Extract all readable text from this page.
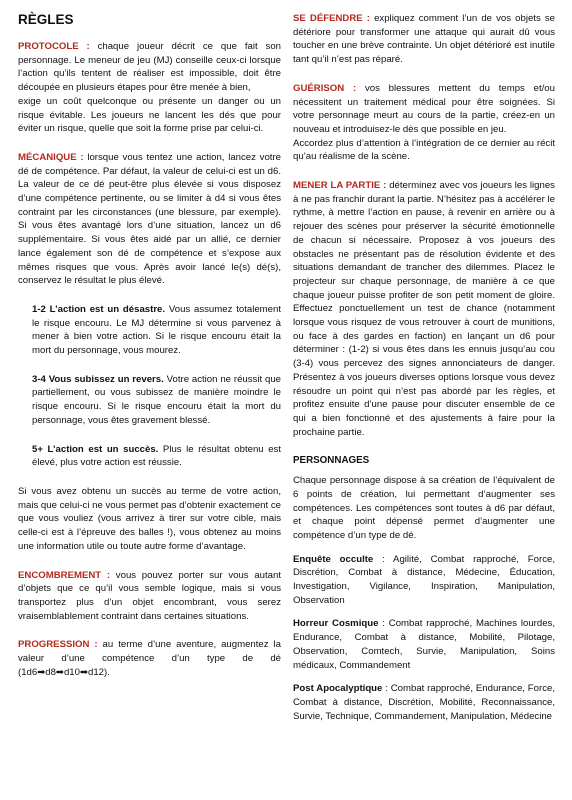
RÈGLES

PROTOCOLE : chaque joueur décrit ce que fait son personnage. Le meneur de jeu (MJ) conseille ceux-ci lorsque l’action qu’ils tentent de réaliser est impossible, doit être découpée en plusieurs étapes pour être menée à bien,

exige un coût quelconque ou présente un danger ou un risque évitable. Les joueurs ne lancent les dés que pour éviter un risque, quelle que soit la forme prise par celui-ci.

MÉCANIQUE : lorsque vous tentez une action, lancez votre dé de compétence. Par défaut, la valeur de celui-ci est un d6. La valeur de ce dé peut-être plus élevée si vous disposez d’une compétence pertinente, ou se limiter à d4 si vous êtes contraint par les circonstances (une blessure, par exemple). Si vous êtes avantagé lors d’une situation, lancez un d6 supplémentaire. Si vous êtes aidé par un allié, ce dernier lance également son dé de compétence et s’expose aux mêmes risques que vous. Après avoir lancé le(s) dé(s), conservez le résultat le plus élevé.

1-2 L’action est un désastre. Vous assumez totalement le risque encouru. Le MJ détermine si vous parvenez à mener à bien votre action. Si le risque encouru était la mort du personnage, vous mourez.

3-4 Vous subissez un revers. Votre action ne réussit que partiellement, ou vous subissez de manière moindre le risque encouru. Si le risque encouru était la mort du personnage, vous êtes gravement blessé.

5+ L’action est un succès. Plus le résultat obtenu est élevé, plus votre action est réussie.

Si vous avez obtenu un succès au terme de votre action, mais que celui-ci ne vous permet pas d’obtenir exactement ce que vous vouliez (vous arrivez à tirer sur votre cible, mais celle-ci est à l’épreuve des balles !), vous obtenez au moins une information utile ou toute autre forme d’avantage.

ENCOMBREMENT : vous pouvez porter sur vous autant d’objets que ce qu’il vous semble logique, mais si vous transportez plus d’un objet encombrant, vous serez vraisemblablement contraint dans certaines situations.

PROGRESSION : au terme d’une aventure, augmentez la valeur d’une compétence d’un type de dé (1d6➡d8➡d10➡d12).

SE DÉFENDRE : expliquez comment l’un de vos objets se détériore pour transformer une attaque qui aurait dû vous toucher en une brève contrainte. Un objet détérioré est inutile tant qu’il n’est pas réparé.

GUÉRISON : vos blessures mettent du temps et/ou nécessitent un traitement médical pour être soignées. Si votre personnage meurt au cours de la partie, créez-en un nouveau et introduisez-le dès que possible en jeu.

Accordez plus d’attention à l’intégration de ce dernier au récit qu’au réalisme de la scène.

MENER LA PARTIE : déterminez avec vos joueurs les lignes à ne pas franchir durant la partie. N’hésitez pas à accélérer le rythme, à mettre l’action en pause, à revenir en arrière ou à rejouer des scènes pour préserver la sécurité émotionnelle de chacun si nécessaire. Proposez à vos joueurs des obstacles ne présentant pas de résolution évidente et des situations demandant de trancher des dilemmes. Placez le projecteur sur chaque personnage, de manière à ce que chaque joueur puisse profiter de son petit moment de gloire. Effectuez ponctuellement un test de chance (notamment lorsque vous risquez de vous retrouver à court de munitions, ou face à des gardes en faction) en lançant un d6 pour déterminer : (1-2) si vous êtes dans les ennuis jusqu’au cou (3-4) vous percevez des signes annonciateurs de danger. Présentez à vos joueurs diverses options lorsque vous devez résoudre un point qui n’est pas abordé par les règles, et profitez ensuite d’une pause pour discuter ensemble de ce qui a bien fonctionné et des ajustements à faire pour la prochaine partie.

PERSONNAGES

Chaque personnage dispose à sa création de l’équivalent de 6 points de création, lui permettant d’augmenter ses compétences. Les compétences sont toutes à d6 par défaut, et chaque point dépensé permet d’augmenter une compétence d’un type de dé.

Enquête occulte : Agilité, Combat rapproché, Force, Discrétion, Combat à distance, Médecine, Éducation, Investigation, Vigilance, Inspiration, Manipulation, Observation

Horreur Cosmique : Combat rapproché, Machines lourdes, Endurance, Combat à distance, Mobilité, Pilotage, Observation, Comtech, Survie, Manipulation, Soins médicaux, Commandement

Post Apocalyptique : Combat rapproché, Endurance, Force, Combat à distance, Discrétion, Mobilité, Reconnaissance, Survie, Technique, Commandement, Manipulation, Médecine
